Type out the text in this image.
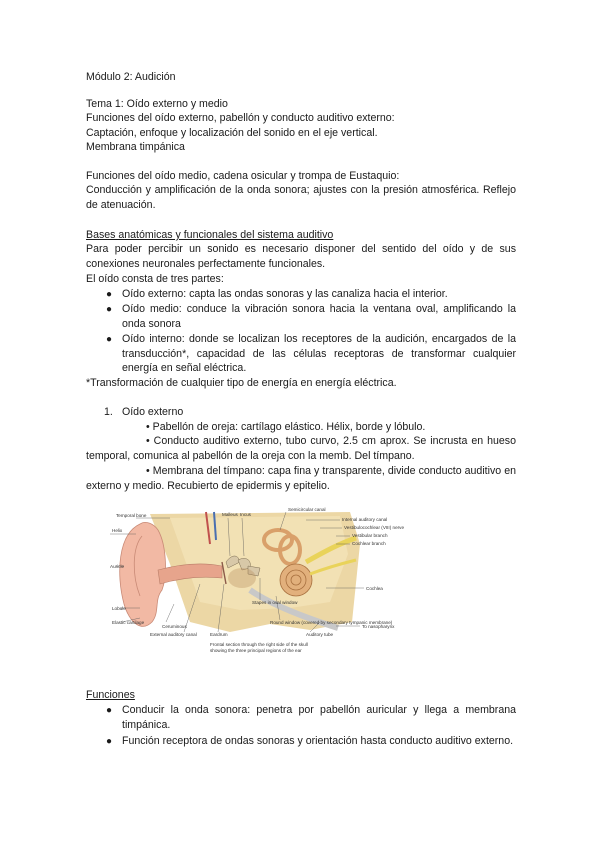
Módulo 2: Audición
Tema 1: Oído externo y medio
Funciones del oído externo, pabellón y conducto auditivo externo:
Captación, enfoque y localización del sonido en el eje vertical.
Membrana timpánica
Funciones del oído medio, cadena osicular y trompa de Eustaquio:
Conducción y amplificación de la onda sonora; ajustes con la presión atmosférica. Reflejo de atenuación.
Bases anatómicas y funcionales del sistema auditivo
Para poder percibir un sonido es necesario disponer del sentido del oído y de sus conexiones neuronales perfectamente funcionales.
El oído consta de tres partes:
● Oído externo: capta las ondas sonoras y las canaliza hacia el interior.
● Oído medio: conduce la vibración sonora hacia la ventana oval, amplificando la onda sonora
● Oído interno: donde se localizan los receptores de la audición, encargados de la transducción*, capacidad de las células receptoras de transformar cualquier energía en señal eléctrica.
*Transformación de cualquier tipo de energía en energía eléctrica.
1. Oído externo
• Pabellón de oreja: cartílago elástico. Hélix, borde y lóbulo.
• Conducto auditivo externo, tubo curvo, 2.5 cm aprox. Se incrusta en hueso temporal, comunica al pabellón de la oreja con la memb. Del tímpano.
• Membrana del tímpano: capa fina y transparente, divide conducto auditivo en externo y medio. Recubierto de epidermis y epitelio.
Temporal bone	Malleus Incus
Semicircular canal
Internal auditory canal
Vestibulocochlear (VIII) nerve
Vestibular branch
Cochlear branch
Helix
Auricle
Cochlea
Lobule
Stapes in oval window
Elastic cartilage
Ceruminous
Round window (covered by secondary tympanic membrane)
To nasopharynx
External auditory canal	Eardrum	Auditory tube
Frontal section through the right side of the skull
showing the three principal regions of the ear
Funciones
● Conducir la onda sonora: penetra por pabellón auricular y llega a membrana timpánica.
● Función receptora de ondas sonoras y orientación hasta conducto auditivo externo.
